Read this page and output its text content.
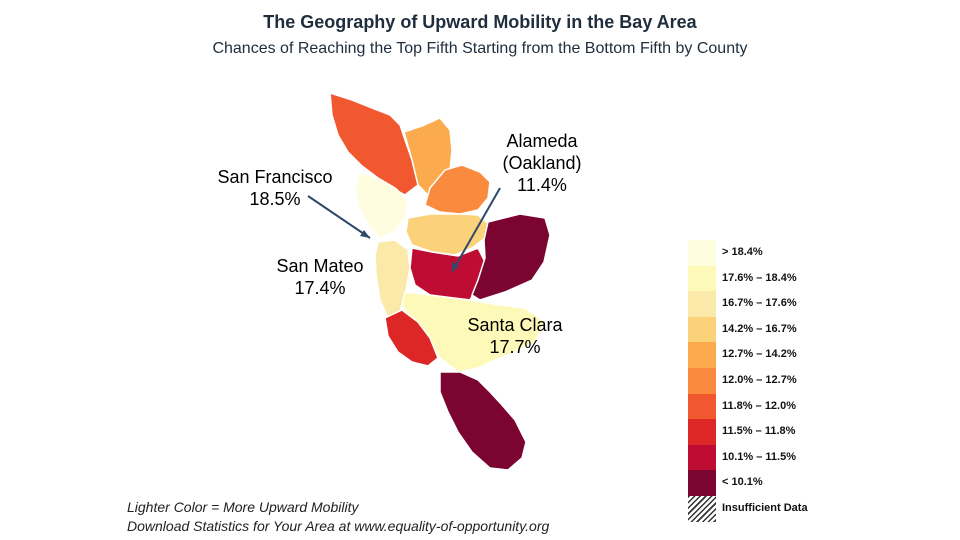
The Geography of Upward Mobility in the Bay Area

Chances of Reaching the Top Fifth Starting from the Bottom Fifth by County

San Francisco
18.5%
Alameda
(Oakland)
11.4%
San Mateo
17.4%
Santa Clara
17.7%
> 18.4%
17.6% – 18.4%
16.7% – 17.6%
14.2% – 16.7%
12.7% – 14.2%
12.0% – 12.7%
11.8% – 12.0%
11.5% – 11.8%
10.1% – 11.5%
< 10.1%
Insufficient Data
Lighter Color = More Upward Mobility
Download Statistics for Your Area at www.equality-of-opportunity.org
